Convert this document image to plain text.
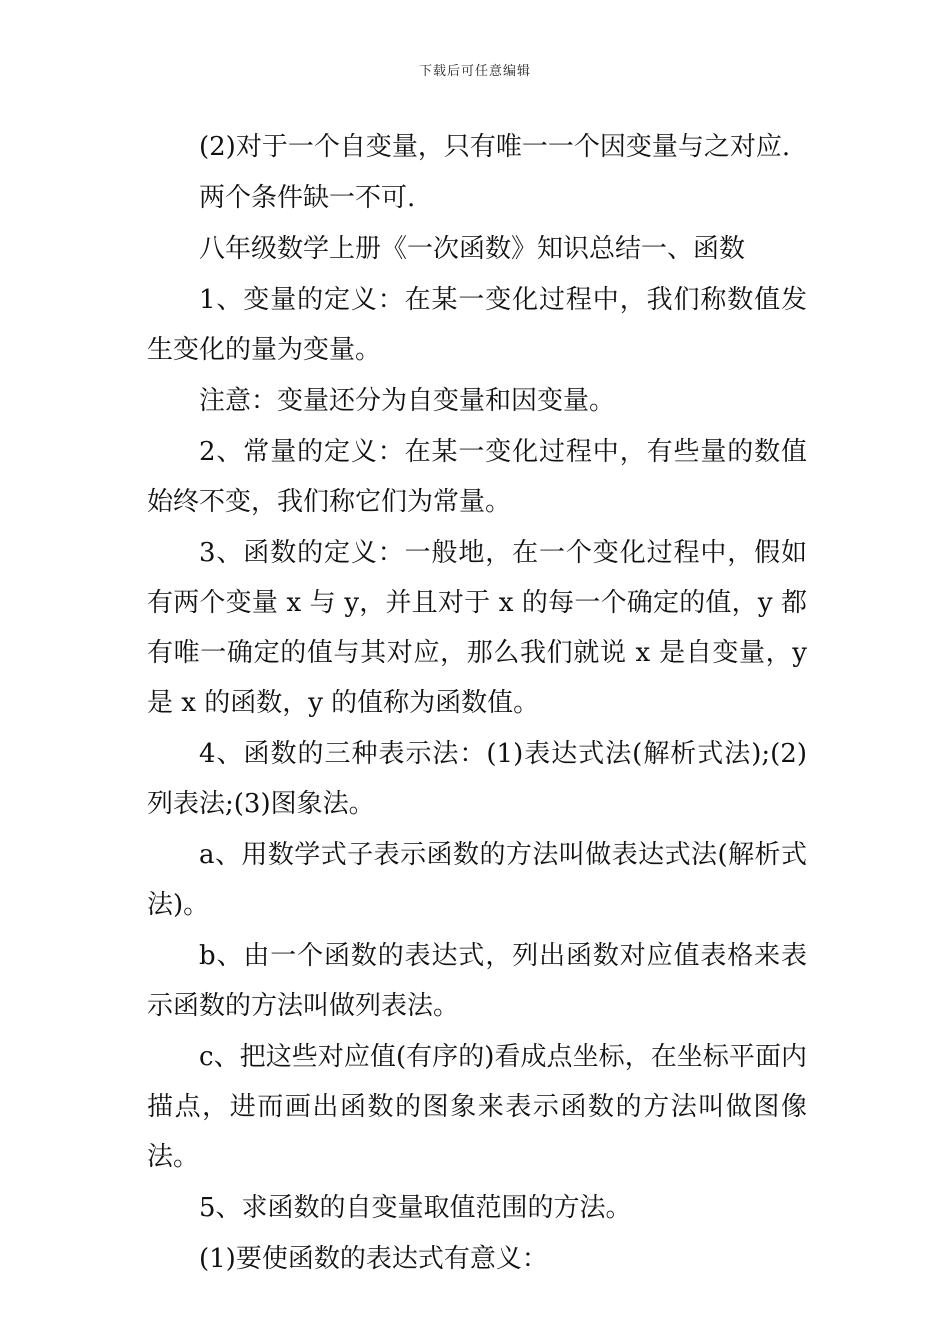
下载后可任意编辑

(2)对于一个自变量，只有唯一一个因变量与之对应.

两个条件缺一不可.

八年级数学上册《一次函数》知识总结一、函数

1、变量的定义：在某一变化过程中，我们称数值发生变化的量为变量。

注意：变量还分为自变量和因变量。

2、常量的定义：在某一变化过程中，有些量的数值始终不变，我们称它们为常量。

3、函数的定义：一般地，在一个变化过程中，假如有两个变量 x 与 y，并且对于 x 的每一个确定的值，y 都有唯一确定的值与其对应，那么我们就说 x 是自变量，y 是 x 的函数，y 的值称为函数值。

4、函数的三种表示法：(1)表达式法(解析式法);(2)列表法;(3)图象法。

a、用数学式子表示函数的方法叫做表达式法(解析式法)。

b、由一个函数的表达式，列出函数对应值表格来表示函数的方法叫做列表法。

c、把这些对应值(有序的)看成点坐标，在坐标平面内描点，进而画出函数的图象来表示函数的方法叫做图像法。

5、求函数的自变量取值范围的方法。

(1)要使函数的表达式有意义：
